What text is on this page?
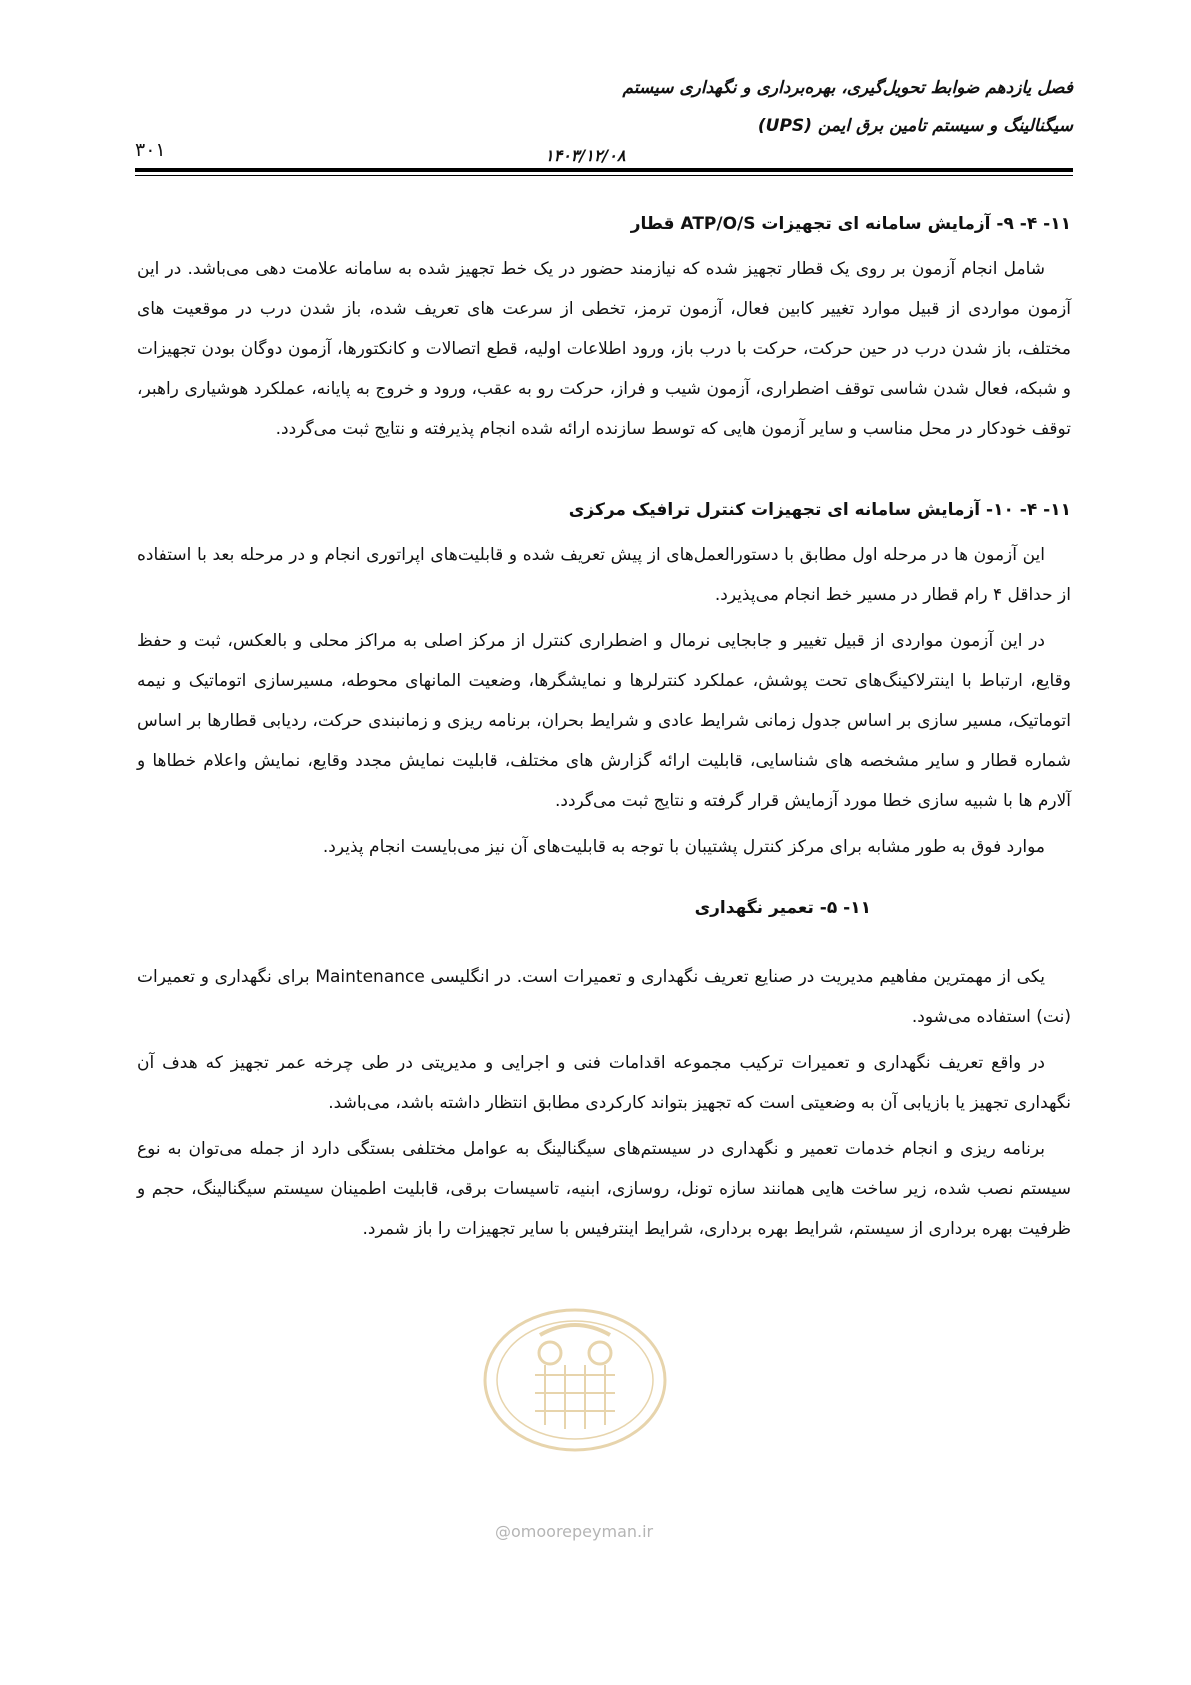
فصل یازدهم ضوابط تحویل‌گیری، بهره‌برداری و نگهداری سیستم
سیگنالینگ و سیستم تامین برق ایمن (UPS)
۱۴۰۳/۱۲/۰۸
۳۰۱
۱۱- ۴- ۹- آزمایش سامانه ای تجهیزات ATP/O/S قطار

شامل انجام آزمون بر روی یک قطار تجهیز شده که نیازمند حضور در یک خط تجهیز شده به سامانه علامت دهی می‌باشد. در این آزمون مواردی از قبیل موارد تغییر کابین فعال، آزمون ترمز، تخطی از سرعت های تعریف شده، باز شدن درب در موقعیت های مختلف، باز شدن درب در حین حرکت، حرکت با درب باز، ورود اطلاعات اولیه، قطع اتصالات و کانکتورها، آزمون دوگان بودن تجهیزات و شبکه، فعال شدن شاسی توقف اضطراری، آزمون شیب و فراز، حرکت رو به عقب، ورود و خروج به پایانه، عملکرد هوشیاری راهبر، توقف خودکار در محل مناسب و سایر آزمون هایی که توسط سازنده ارائه شده انجام پذیرفته و نتایج ثبت می‌گردد.

۱۱- ۴- ۱۰- آزمایش سامانه ای تجهیزات کنترل ترافیک مرکزی

این آزمون ها در مرحله اول مطابق با دستورالعمل‌های از پیش تعریف شده و قابلیت‌های اپراتوری انجام و در مرحله بعد با استفاده از حداقل ۴ رام قطار در مسیر خط انجام می‌پذیرد.

در این آزمون مواردی از قبیل تغییر و جابجایی نرمال و اضطراری کنترل از مرکز اصلی به مراکز محلی و بالعکس، ثبت و حفظ وقایع، ارتباط با اینترلاکینگ‌های تحت پوشش، عملکرد کنترلرها و نمایشگرها، وضعیت المانهای محوطه، مسیرسازی اتوماتیک و نیمه اتوماتیک، مسیر سازی بر اساس جدول زمانی شرایط عادی و شرایط بحران، برنامه ریزی و زمانبندی حرکت، ردیابی قطارها بر اساس شماره قطار و سایر مشخصه های شناسایی، قابلیت ارائه گزارش های مختلف، قابلیت نمایش مجدد وقایع، نمایش واعلام خطاها و آلارم ها با شبیه سازی خطا مورد آزمایش قرار گرفته و نتایج ثبت می‌گردد.

موارد فوق به طور مشابه برای مرکز کنترل پشتیبان با توجه به قابلیت‌های آن نیز می‌بایست انجام پذیرد.

۱۱- ۵- تعمیر نگهداری

یکی از مهمترین مفاهیم مدیریت در صنایع تعریف نگهداری و تعمیرات است. در انگلیسی Maintenance برای نگهداری و تعمیرات (نت) استفاده می‌شود.

در واقع تعریف نگهداری و تعمیرات ترکیب مجموعه اقدامات فنی و اجرایی و مدیریتی در طی چرخه عمر تجهیز که هدف آن نگهداری تجهیز یا بازیابی آن به وضعیتی است که تجهیز بتواند کارکردی مطابق انتظار داشته باشد، می‌باشد.

برنامه ریزی و انجام خدمات تعمیر و نگهداری در سیستم‌های سیگنالینگ به عوامل مختلفی بستگی دارد از جمله می‌توان به نوع سیستم نصب شده، زیر ساخت هایی همانند سازه تونل، روسازی، ابنیه، تاسیسات برقی، قابلیت اطمینان سیستم سیگنالینگ، حجم و ظرفیت بهره برداری از سیستم، شرایط بهره برداری، شرایط اینترفیس با سایر تجهیزات را باز شمرد.

@omoorepeyman.ir
